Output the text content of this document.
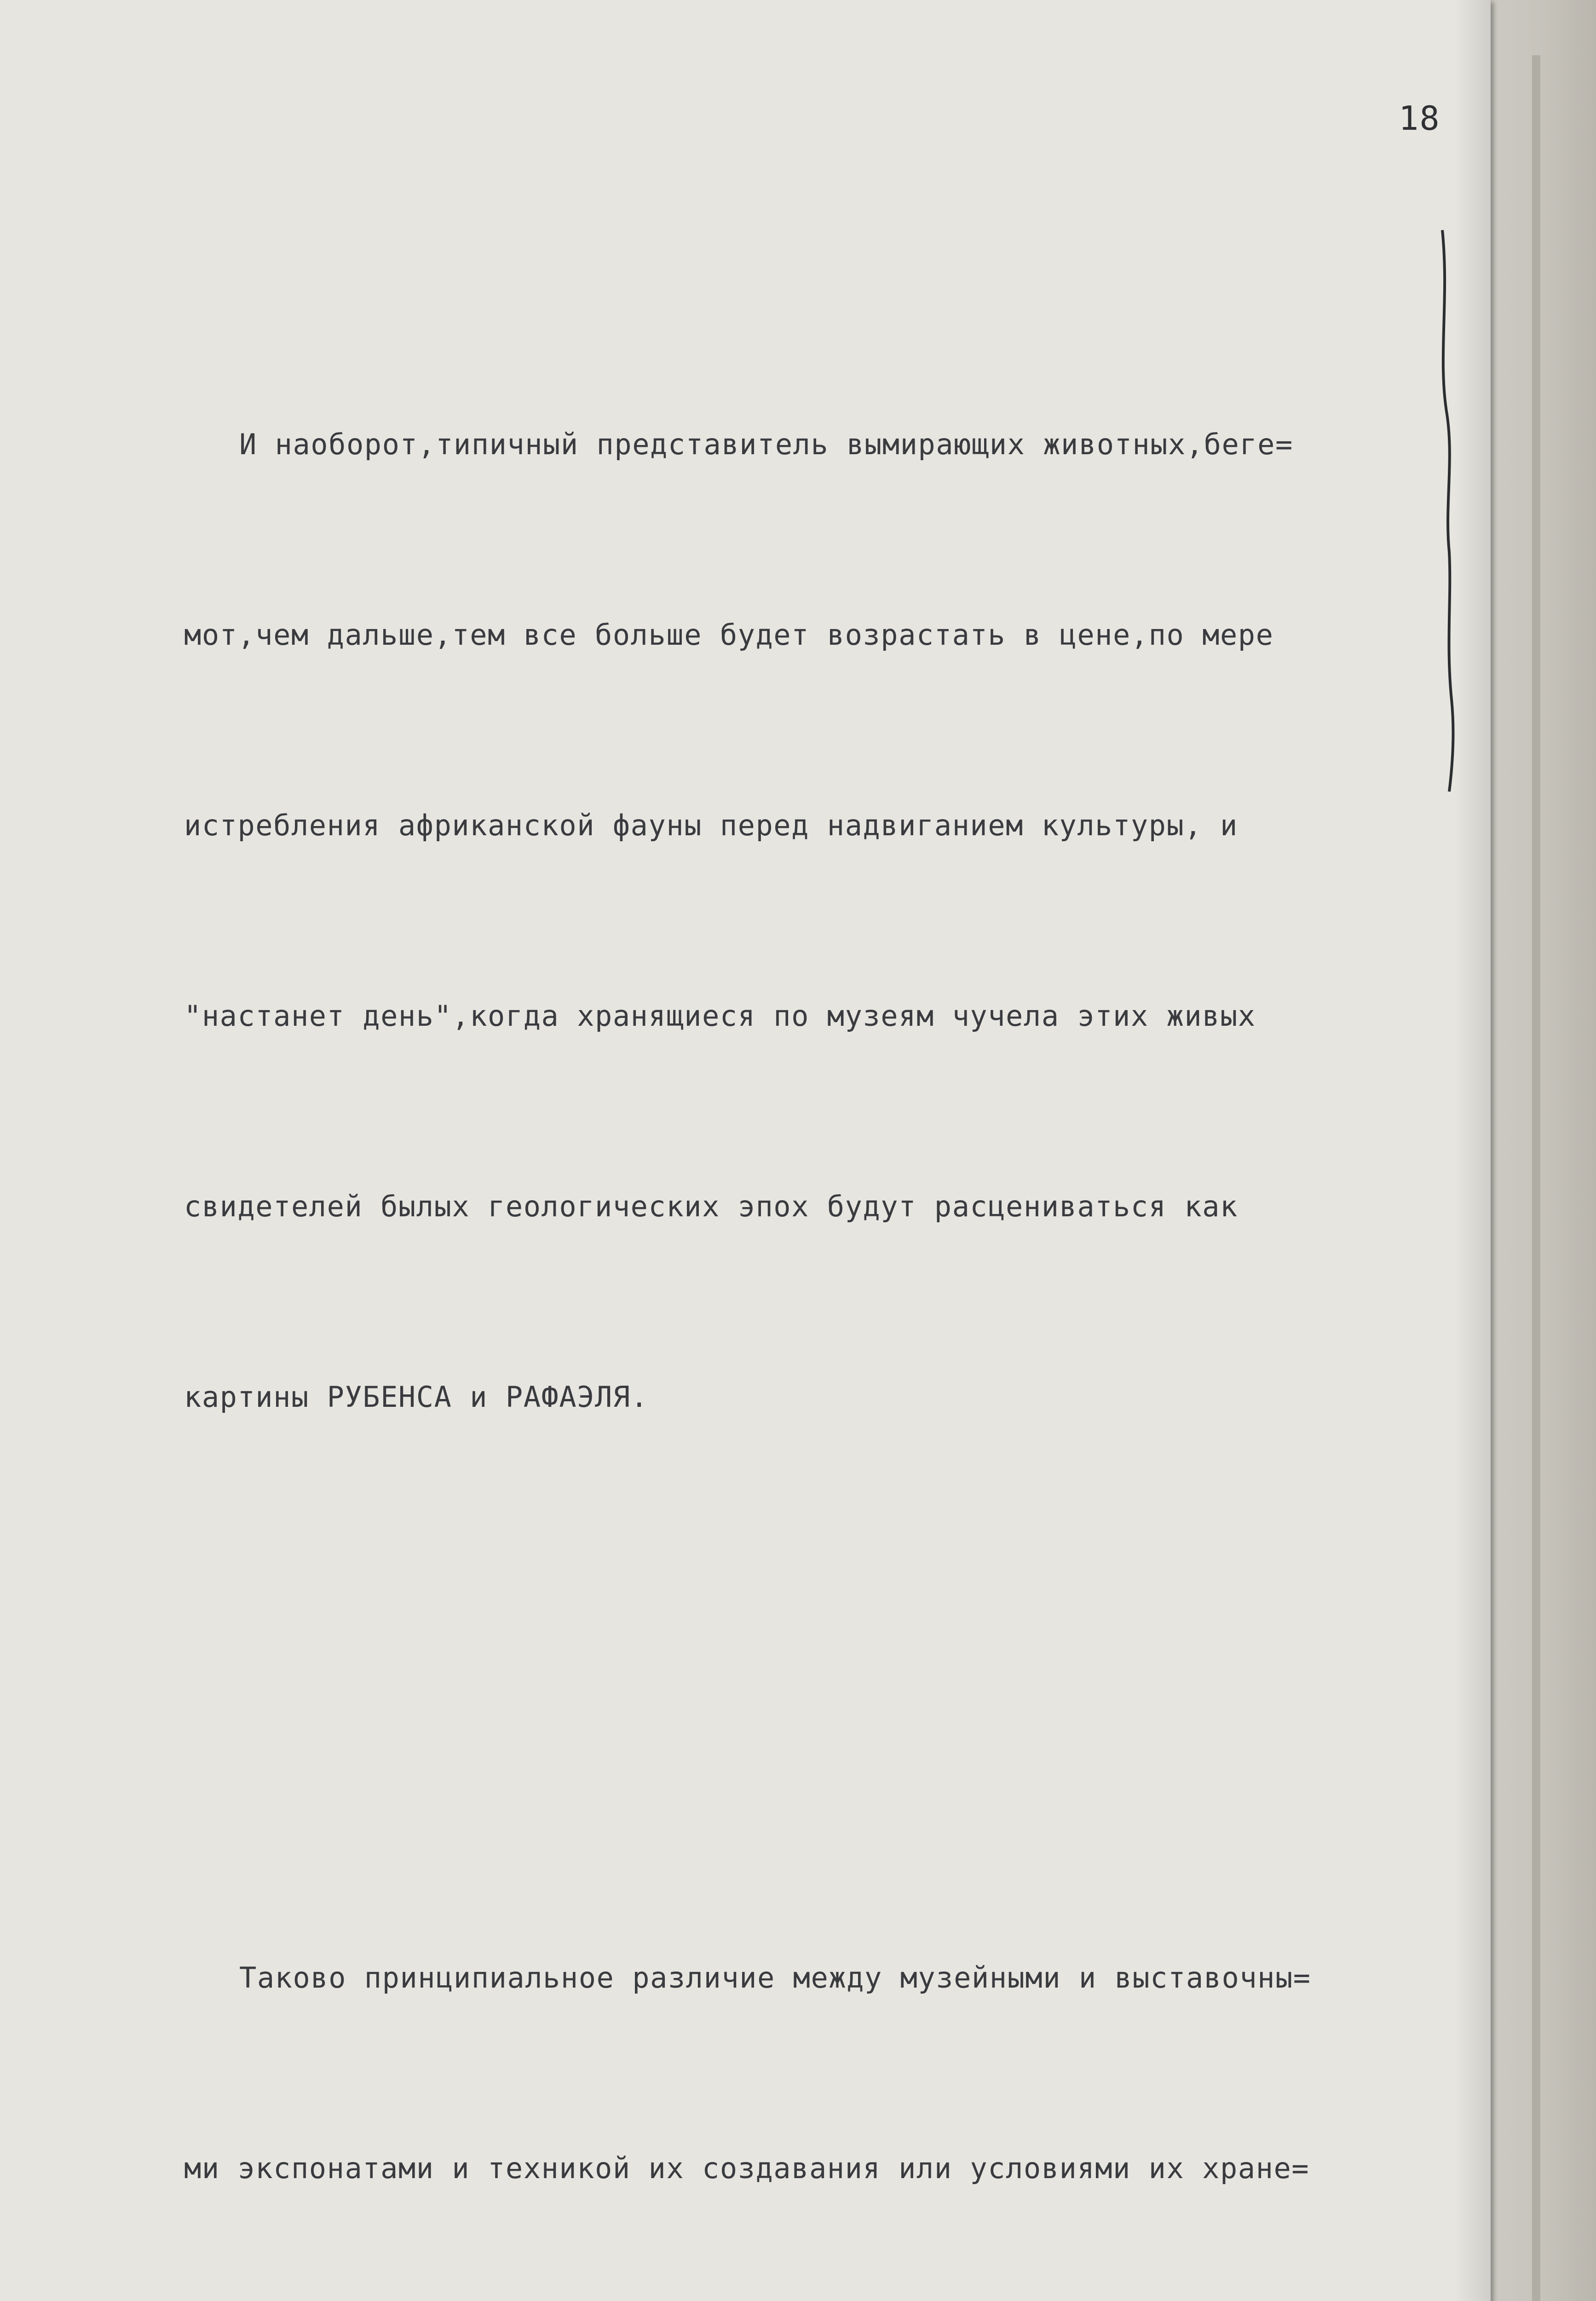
18

И наоборот,типичный представитель вымирающих животных,беге=

мот,чем дальше,тем все больше будет возрастать в цене,по мере

истребления африканской фауны перед надвиганием культуры, и

"настанет день",когда хранящиеся по музеям чучела этих живых

свидетелей былых геологических эпох будут расцениваться как

картины РУБЕНСА и РАФАЭЛЯ.

Таково принципиальное различие между музейными и выставочны=

ми экспонатами и техникой их создавания или условиями их хране=
